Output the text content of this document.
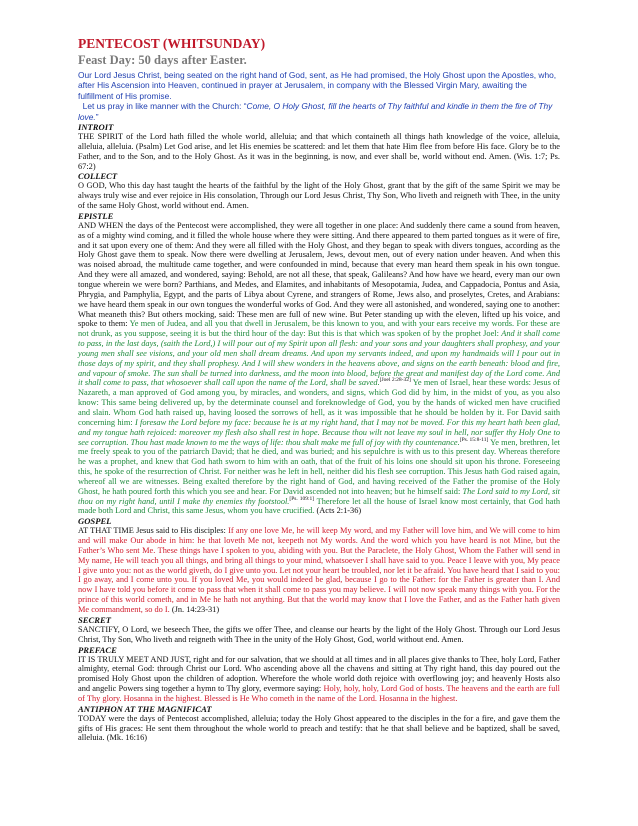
PENTECOST (WHITSUNDAY)
Feast Day: 50 days after Easter.

Our Lord Jesus Christ, being seated on the right hand of God, sent, as He had promised, the Holy Ghost upon the Apostles, who, after His Ascension into Heaven, continued in prayer at Jerusalem, in company with the Blessed Virgin Mary, awaiting the fulfillment of His promise.

Let us pray in like manner with the Church: “Come, O Holy Ghost, fill the hearts of Thy faithful and kindle in them the fire of Thy love.”

INTROIT

THE SPIRIT of the Lord hath filled the whole world, alleluia; and that which containeth all things hath knowledge of the voice, alleluia, alleluia, alleluia. (Psalm) Let God arise, and let His enemies be scattered: and let them that hate Him flee from before His face. Glory be to the Father, and to the Son, and to the Holy Ghost. As it was in the beginning, is now, and ever shall be, world without end. Amen. (Wis. 1:7; Ps. 67:2)

COLLECT

O GOD, Who this day hast taught the hearts of the faithful by the light of the Holy Ghost, grant that by the gift of the same Spirit we may be always truly wise and ever rejoice in His consolation, Through our Lord Jesus Christ, Thy Son, Who liveth and reigneth with Thee, in the unity of the same Holy Ghost, world without end. Amen.

EPISTLE

AND WHEN the days of the Pentecost were accomplished, they were all together in one place: And suddenly there came a sound from heaven, as of a mighty wind coming, and it filled the whole house where they were sitting. And there appeared to them parted tongues as it were of fire, and it sat upon every one of them: And they were all filled with the Holy Ghost, and they began to speak with divers tongues, according as the Holy Ghost gave them to speak. Now there were dwelling at Jerusalem, Jews, devout men, out of every nation under heaven. And when this was noised abroad, the multitude came together, and were confounded in mind, because that every man heard them speak in his own tongue. And they were all amazed, and wondered, saying: Behold, are not all these, that speak, Galileans? And how have we heard, every man our own tongue wherein we were born? Parthians, and Medes, and Elamites, and inhabitants of Mesopotamia, Judea, and Cappadocia, Pontus and Asia, Phrygia, and Pamphylia, Egypt, and the parts of Libya about Cyrene, and strangers of Rome, Jews also, and proselytes, Cretes, and Arabians: we have heard them speak in our own tongues the wonderful works of God. And they were all astonished, and wondered, saying one to another: What meaneth this? But others mocking, said: These men are full of new wine. But Peter standing up with the eleven, lifted up his voice, and spoke to them: Ye men of Judea, and all you that dwell in Jerusalem, be this known to you, and with your ears receive my words. For these are not drunk, as you suppose, seeing it is but the third hour of the day: But this is that which was spoken of by the prophet Joel: And it shall come to pass, in the last days, (saith the Lord,) I will pour out of my Spirit upon all flesh: and your sons and your daughters shall prophesy, and your young men shall see visions, and your old men shall dream dreams. And upon my servants indeed, and upon my handmaids will I pour out in those days of my spirit, and they shall prophesy. And I will shew wonders in the heavens above, and signs on the earth beneath: blood and fire, and vapour of smoke. The sun shall be turned into darkness, and the moon into blood, before the great and manifest day of the Lord come. And it shall come to pass, that whosoever shall call upon the name of the Lord, shall be saved.[Joel 2:28-32] Ye men of Israel, hear these words: Jesus of Nazareth, a man approved of God among you, by miracles, and wonders, and signs, which God did by him, in the midst of you, as you also know: This same being delivered up, by the determinate counsel and foreknowledge of God, you by the hands of wicked men have crucified and slain. Whom God hath raised up, having loosed the sorrows of hell, as it was impossible that he should be holden by it. For David saith concerning him: I foresaw the Lord before my face: because he is at my right hand, that I may not be moved. For this my heart hath been glad, and my tongue hath rejoiced: moreover my flesh also shall rest in hope. Because thou wilt not leave my soul in hell, nor suffer thy Holy One to see corruption. Thou hast made known to me the ways of life: thou shalt make me full of joy with thy countenance.[Ps. 15:8-11] Ye men, brethren, let me freely speak to you of the patriarch David; that he died, and was buried; and his sepulchre is with us to this present day. Whereas therefore he was a prophet, and knew that God hath sworn to him with an oath, that of the fruit of his loins one should sit upon his throne. Foreseeing this, he spoke of the resurrection of Christ. For neither was he left in hell, neither did his flesh see corruption. This Jesus hath God raised again, whereof all we are witnesses. Being exalted therefore by the right hand of God, and having received of the Father the promise of the Holy Ghost, he hath poured forth this which you see and hear. For David ascended not into heaven; but he himself said: The Lord said to my Lord, sit thou on my right hand, until I make thy enemies thy footstool.[Ps. 109:1] Therefore let all the house of Israel know most certainly, that God hath made both Lord and Christ, this same Jesus, whom you have crucified. (Acts 2:1-36)

GOSPEL

AT THAT TIME Jesus said to His disciples: If any one love Me, he will keep My word, and my Father will love him, and We will come to him and will make Our abode in him: he that loveth Me not, keepeth not My words. And the word which you have heard is not Mine, but the Father’s Who sent Me. These things have I spoken to you, abiding with you. But the Paraclete, the Holy Ghost, Whom the Father will send in My name, He will teach you all things, and bring all things to your mind, whatsoever I shall have said to you. Peace I leave with you, My peace I give unto you: not as the world giveth, do I give unto you. Let not your heart be troubled, nor let it be afraid. You have heard that I said to you: I go away, and I come unto you. If you loved Me, you would indeed be glad, because I go to the Father: for the Father is greater than I. And now I have told you before it come to pass that when it shall come to pass you may believe. I will not now speak many things with you. For the prince of this world cometh, and in Me he hath not anything. But that the world may know that I love the Father, and as the Father hath given Me commandment, so do I. (Jn. 14:23-31)

SECRET

SANCTIFY, O Lord, we beseech Thee, the gifts we offer Thee, and cleanse our hearts by the light of the Holy Ghost. Through our Lord Jesus Christ, Thy Son, Who liveth and reigneth with Thee in the unity of the Holy Ghost, God, world without end. Amen.

PREFACE

IT IS TRULY MEET AND JUST, right and for our salvation, that we should at all times and in all places give thanks to Thee, holy Lord, Father almighty, eternal God: through Christ our Lord. Who ascending above all the chavens and sitting at Thy right hand, this day poured out the promised Holy Ghost upon the children of adoption. Wherefore the whole world doth rejoice with overflowing joy; and heavenly Hosts also and angelic Powers sing together a hymn to Thy glory, evermore saying: Holy, holy, holy, Lord God of hosts. The heavens and the earth are full of Thy glory. Hosanna in the highest. Blessed is He Who cometh in the name of the Lord. Hosanna in the highest.

ANTIPHON AT THE MAGNIFICAT

TODAY were the days of Pentecost accomplished, alleluia; today the Holy Ghost appeared to the disciples in the for a fire, and gave them the gifts of His graces: He sent them throughout the whole world to preach and testify: that he that shall believe and be baptized, shall be saved, alleluia. (Mk. 16:16)
